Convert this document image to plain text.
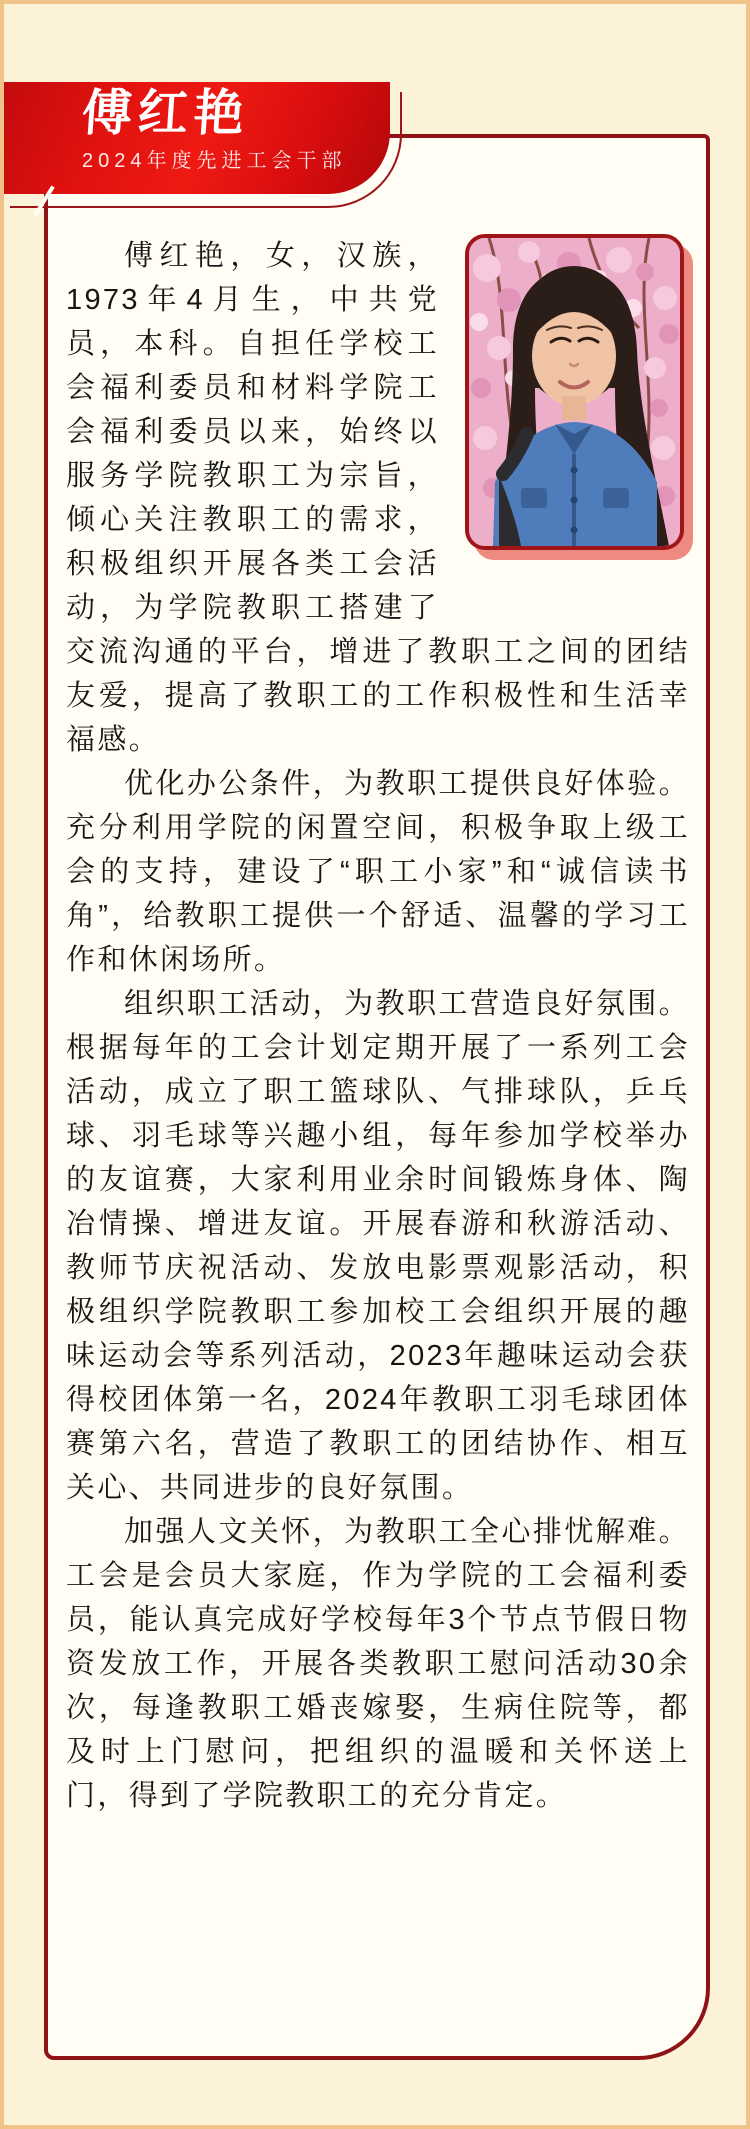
傅红艳，女，汉族，1973年4月生，中共党员，本科。自担任学校工会福利委员和材料学院工会福利委员以来，始终以服务学院教职工为宗旨，倾心关注教职工的需求，积极组织开展各类工会活动，为学院教职工搭建了交流沟通的平台，增进了教职工之间的团结友爱，提高了教职工的工作积极性和生活幸福感。

优化办公条件，为教职工提供良好体验。充分利用学院的闲置空间，积极争取上级工会的支持，建设了“职工小家”和“诚信读书角”，给教职工提供一个舒适、温馨的学习工作和休闲场所。

组织职工活动，为教职工营造良好氛围。根据每年的工会计划定期开展了一系列工会活动，成立了职工篮球队、气排球队，乒乓球、羽毛球等兴趣小组，每年参加学校举办的友谊赛，大家利用业余时间锻炼身体、陶冶情操、增进友谊。开展春游和秋游活动、教师节庆祝活动、发放电影票观影活动，积极组织学院教职工参加校工会组织开展的趣味运动会等系列活动，2023年趣味运动会获得校团体第一名，2024年教职工羽毛球团体赛第六名，营造了教职工的团结协作、相互关心、共同进步的良好氛围。

加强人文关怀，为教职工全心排忧解难。工会是会员大家庭，作为学院的工会福利委员，能认真完成好学校每年3个节点节假日物资发放工作，开展各类教职工慰问活动30余次，每逢教职工婚丧嫁娶，生病住院等，都及时上门慰问，把组织的温暖和关怀送上门，得到了学院教职工的充分肯定。

傅红艳
2024年度先进工会干部
